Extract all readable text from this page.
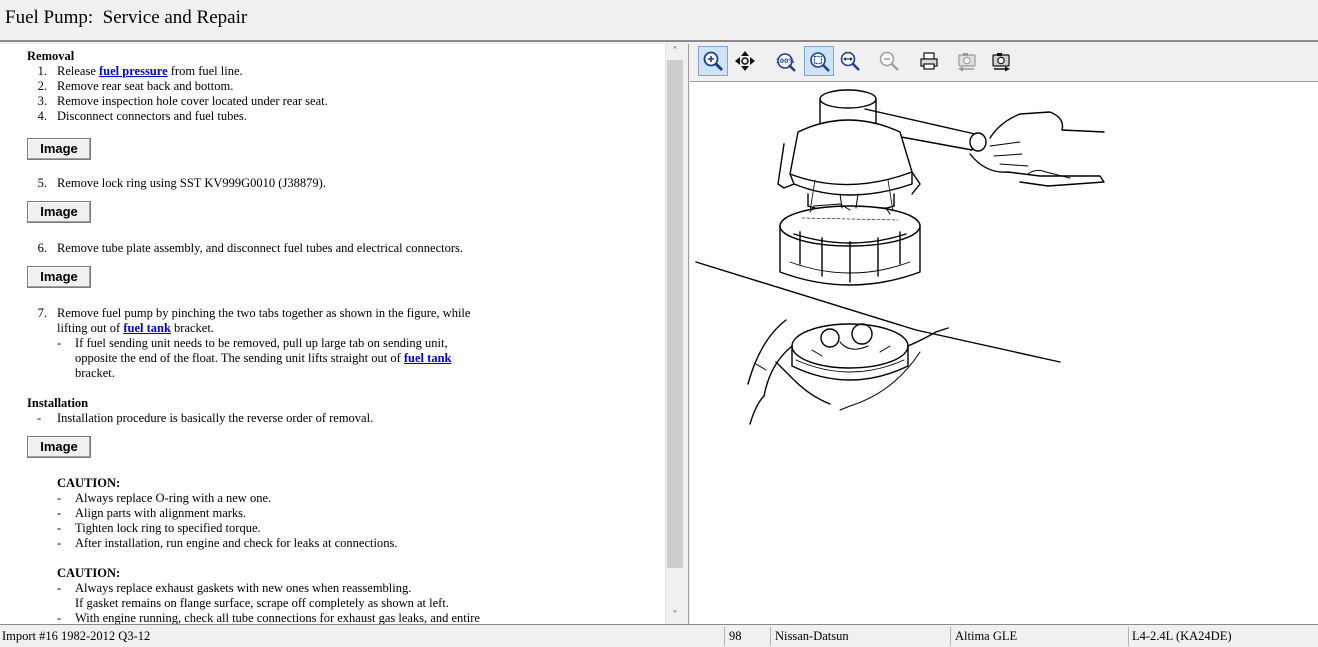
Fuel Pump:  Service and Repair
Removal
1. Release fuel pressure from fuel line.
2. Remove rear seat back and bottom.
3. Remove inspection hole cover located under rear seat.
4. Disconnect connectors and fuel tubes.
Image
5. Remove lock ring using SST KV999G0010 (J38879).
Image
6. Remove tube plate assembly, and disconnect fuel tubes and electrical connectors.
Image
7. Remove fuel pump by pinching the two tabs together as shown in the figure, while
lifting out of fuel tank bracket.
-	If fuel sending unit needs to be removed, pull up large tab on sending unit,
opposite the end of the float. The sending unit lifts straight out of fuel tank
bracket.
Installation
-	Installation procedure is basically the reverse order of removal.
Image
CAUTION:
-	Always replace O-ring with a new one.
-	Align parts with alignment marks.
-	Tighten lock ring to specified torque.
-	After installation, run engine and check for leaks at connections.
CAUTION:
-	Always replace exhaust gaskets with new ones when reassembling.
If gasket remains on flange surface, scrape off completely as shown at left.
-	With engine running, check all tube connections for exhaust gas leaks, and entire
˄
˅
100%
Import #16 1982-2012 Q3-12	98	Nissan-Datsun	Altima GLE	L4-2.4L (KA24DE)
